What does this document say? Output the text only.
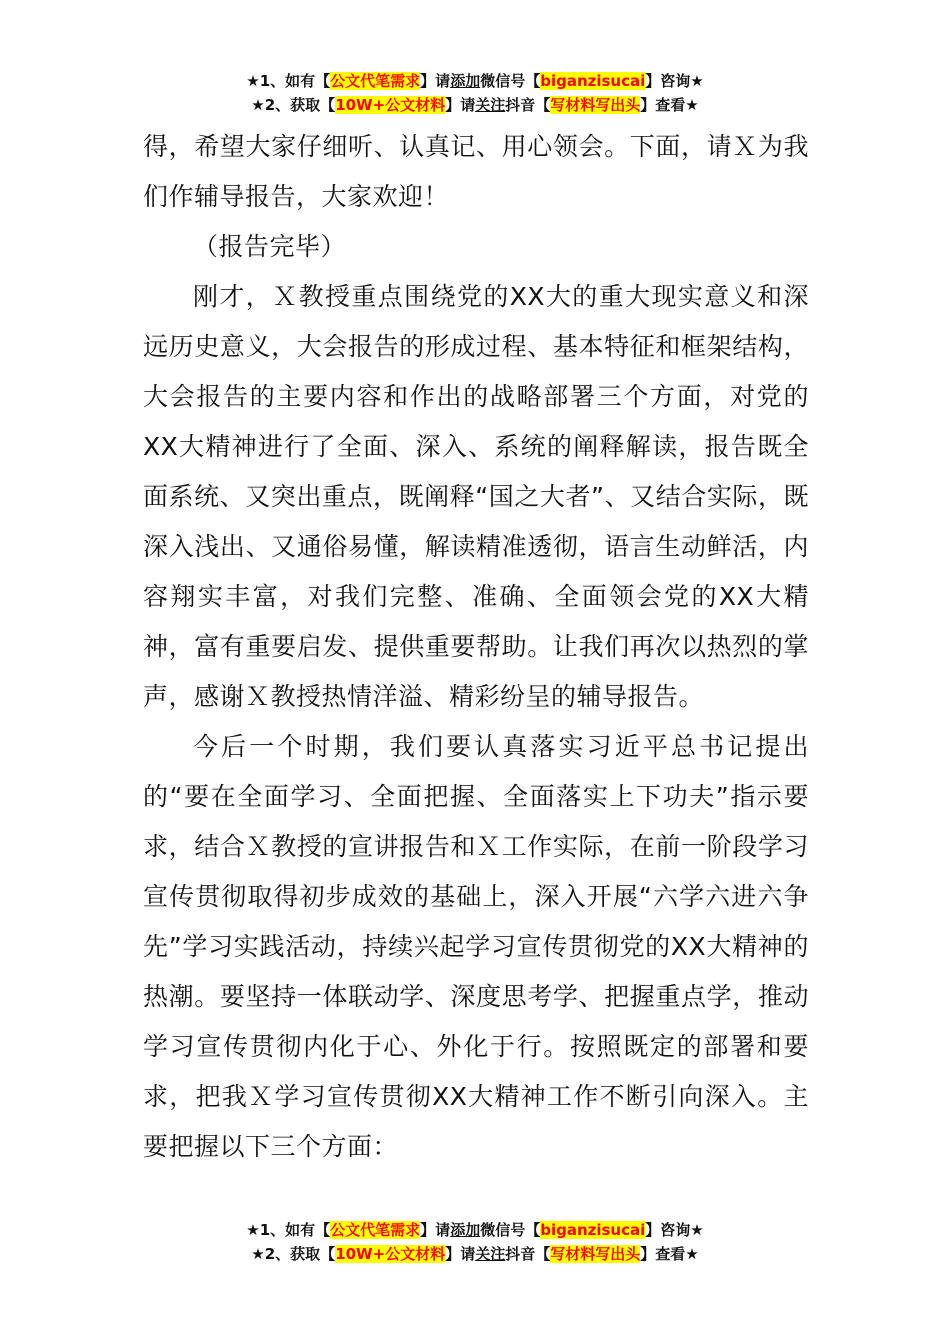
★1、如有【公文代笔需求】请添加微信号【biganzisucai】咨询★
★2、获取【10W+公文材料】请关注抖音【写材料写出头】查看★

得，希望大家仔细听、认真记、用心领会。下面，请Ｘ为我们作辅导报告，大家欢迎！

（报告完毕）

刚才，Ｘ教授重点围绕党的XX大的重大现实意义和深远历史意义，大会报告的形成过程、基本特征和框架结构，大会报告的主要内容和作出的战略部署三个方面，对党的XX大精神进行了全面、深入、系统的阐释解读，报告既全面系统、又突出重点，既阐释“国之大者”、又结合实际，既深入浅出、又通俗易懂，解读精准透彻，语言生动鲜活，内容翔实丰富，对我们完整、准确、全面领会党的XX大精神，富有重要启发、提供重要帮助。让我们再次以热烈的掌声，感谢Ｘ教授热情洋溢、精彩纷呈的辅导报告。

今后一个时期，我们要认真落实习近平总书记提出的“要在全面学习、全面把握、全面落实上下功夫”指示要求，结合Ｘ教授的宣讲报告和Ｘ工作实际，在前一阶段学习宣传贯彻取得初步成效的基础上，深入开展“六学六进六争先”学习实践活动，持续兴起学习宣传贯彻党的XX大精神的热潮。要坚持一体联动学、深度思考学、把握重点学，推动学习宣传贯彻内化于心、外化于行。按照既定的部署和要求，把我Ｘ学习宣传贯彻XX大精神工作不断引向深入。主要把握以下三个方面：

★1、如有【公文代笔需求】请添加微信号【biganzisucai】咨询★
★2、获取【10W+公文材料】请关注抖音【写材料写出头】查看★
